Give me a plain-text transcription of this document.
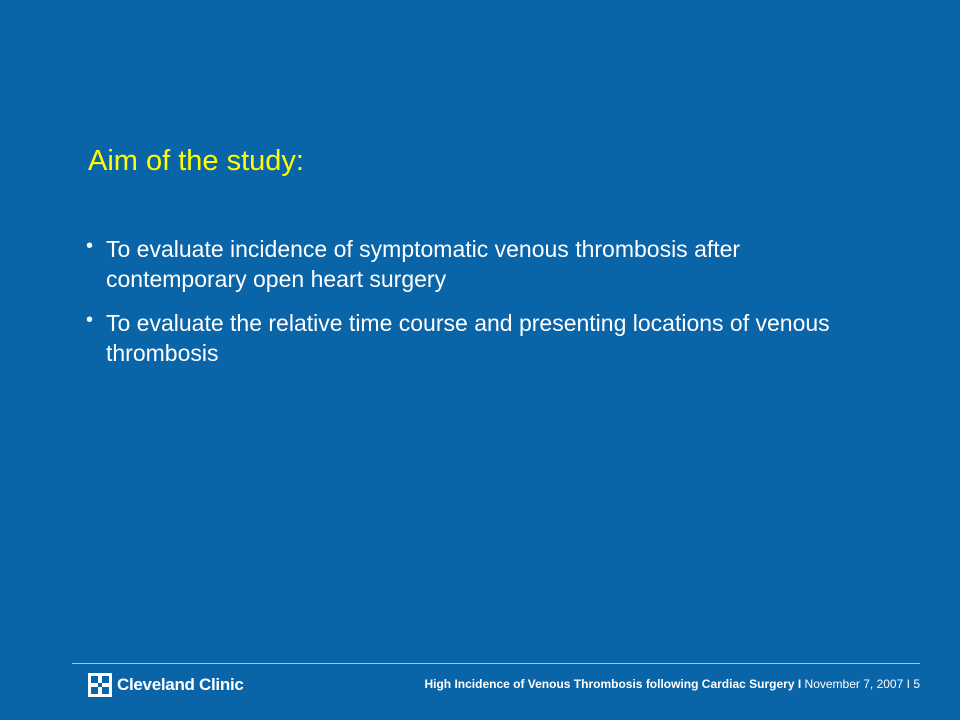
Aim of the study:
• To evaluate incidence of symptomatic venous thrombosis after contemporary open heart surgery
• To evaluate the relative time course and presenting locations of venous thrombosis
Cleveland Clinic	High Incidence of Venous Thrombosis following Cardiac Surgery I November 7, 2007 I 5
